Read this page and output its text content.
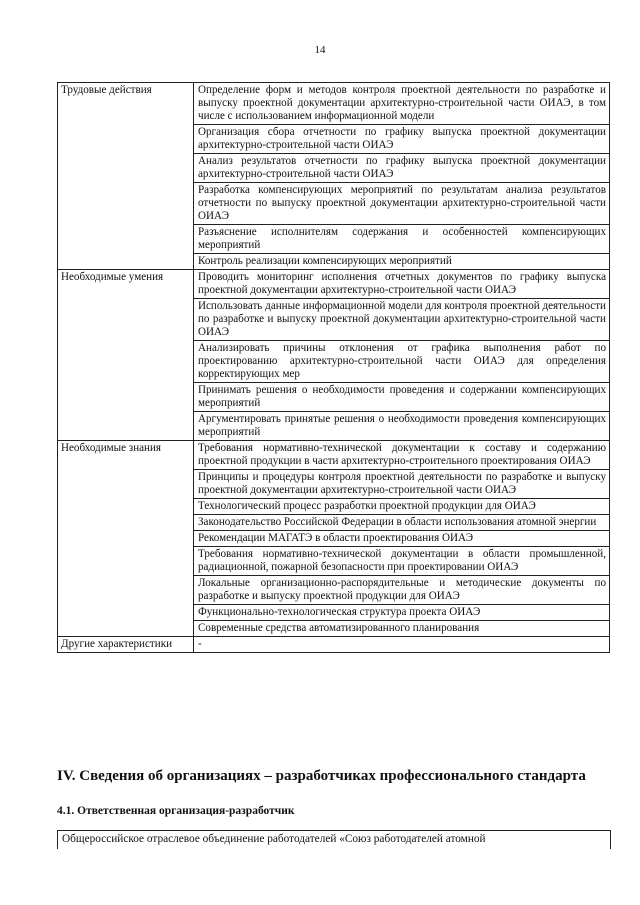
14
Трудовые действия	Определение форм и методов контроля проектной деятельности по разработке и выпуску проектной документации архитектурно-строительной части ОИАЭ, в том числе с использованием информационной модели
	Организация сбора отчетности по графику выпуска проектной документации архитектурно-строительной части ОИАЭ
	Анализ результатов отчетности по графику выпуска проектной документации архитектурно-строительной части ОИАЭ
	Разработка компенсирующих мероприятий по результатам анализа результатов отчетности по выпуску проектной документации архитектурно-строительной части ОИАЭ
	Разъяснение исполнителям содержания и особенностей компенсирующих мероприятий
	Контроль реализации компенсирующих мероприятий
Необходимые умения	Проводить мониторинг исполнения отчетных документов по графику выпуска проектной документации архитектурно-строительной части ОИАЭ
	Использовать данные информационной модели для контроля проектной деятельности по разработке и выпуску проектной документации архитектурно-строительной части ОИАЭ
	Анализировать причины отклонения от графика выполнения работ по проектированию архитектурно-строительной части ОИАЭ для определения корректирующих мер
	Принимать решения о необходимости проведения и содержании компенсирующих мероприятий
	Аргументировать принятые решения о необходимости проведения компенсирующих мероприятий
Необходимые знания	Требования нормативно-технической документации к составу и содержанию проектной продукции в части архитектурно-строительного проектирования ОИАЭ
	Принципы и процедуры контроля проектной деятельности по разработке и выпуску проектной документации архитектурно-строительной части ОИАЭ
	Технологический процесс разработки проектной продукции для ОИАЭ
	Законодательство Российской Федерации в области использования атомной энергии
	Рекомендации МАГАТЭ в области проектирования ОИАЭ
	Требования нормативно-технической документации в области промышленной, радиационной, пожарной безопасности при проектировании ОИАЭ
	Локальные организационно-распорядительные и методические документы по разработке и выпуску проектной продукции для ОИАЭ
	Функционально-технологическая структура проекта ОИАЭ
	Современные средства автоматизированного планирования
Другие характеристики	-
IV. Сведения об организациях – разработчиках профессионального стандарта
4.1. Ответственная организация-разработчик
Общероссийское отраслевое объединение работодателей «Союз работодателей атомной
